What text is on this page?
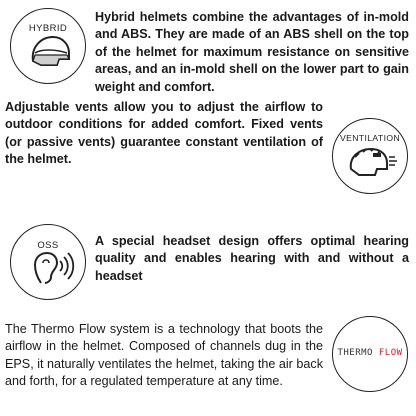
HYBRID

Hybrid helmets combine the advantages of in-mold and ABS. They are made of an ABS shell on the top of the helmet for maximum resistance on sensitive areas, and an in-mold shell on the lower part to gain weight and comfort.

Adjustable vents allow you to adjust the airflow to outdoor conditions for added comfort. Fixed vents (or passive vents) guarantee constant ventilation of the helmet.

VENTILATION
OSS	A special headset design offers optimal hearing quality and enables hearing with and without a headset

The Thermo Flow system is a technology that boots the airflow in the helmet. Composed of channels dug in the EPS, it naturally ventilates the helmet, taking the air back and forth, for a regulated temperature at any time.

THERMO FLOW
